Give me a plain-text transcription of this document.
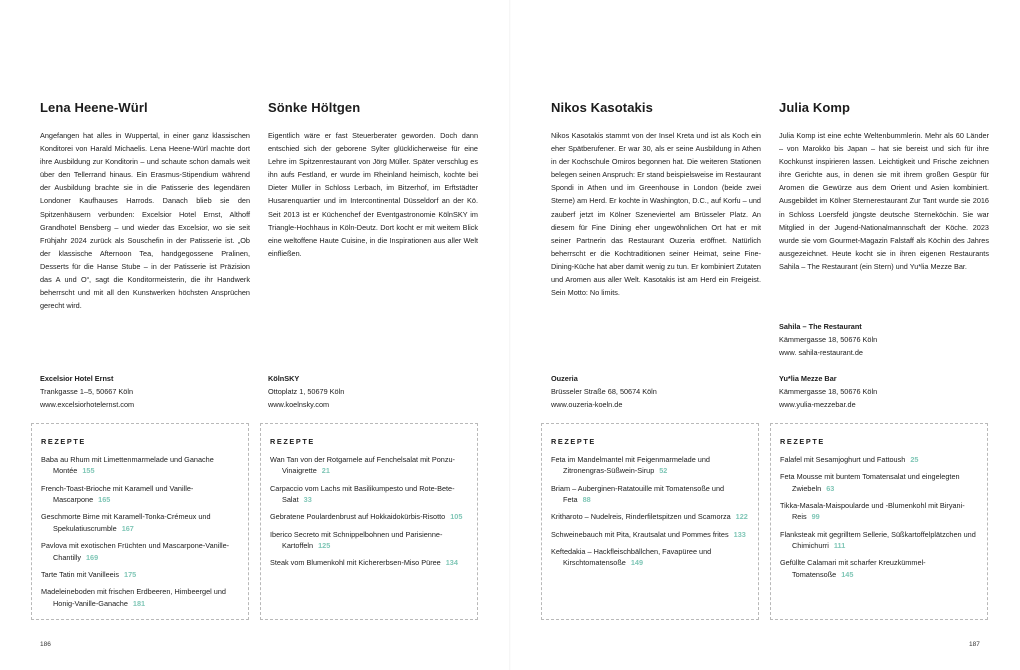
Lena Heene-Würl

Angefangen hat alles in Wuppertal, in einer ganz klassischen Konditorei von Harald Michaelis. Lena Heene-Würl machte dort ihre Ausbildung zur Konditorin – und schaute schon damals weit über den Tellerrand hinaus. Ein Erasmus-Stipendium während der Ausbildung brachte sie in die Patisserie des legendären Londoner Kaufhauses Harrods. Danach blieb sie den Spitzenhäusern verbunden: Excelsior Hotel Ernst, Althoff Grandhotel Bensberg – und wieder das Excelsior, wo sie seit Frühjahr 2024 zurück als Souschefin in der Patisserie ist. „Ob der klassische Afternoon Tea, handgegossene Pralinen, Desserts für die Hanse Stube – in der Patisserie ist Präzision das A und O“, sagt die Konditormeisterin, die ihr Handwerk beherrscht und mit all den Kunstwerken höchsten Ansprüchen gerecht wird.

Excelsior Hotel Ernst
Trankgasse 1–5, 50667 Köln
www.excelsiorhotelernst.com
REZEPTE
Baba au Rhum mit Limettenmarmelade und Ganache Montée 155
French-Toast-Brioche mit Karamell und Vanille-Mascarpone 165
Geschmorte Birne mit Karamell-Tonka-Crémeux und Spekulatiuscrumble 167
Pavlova mit exotischen Früchten und Mascarpone-Vanille-Chantilly 169
Tarte Tatin mit Vanilleeis 175
Madeleineboden mit frischen Erdbeeren, Himbeergel und Honig-Vanille-Ganache 181
Sönke Höltgen

Eigentlich wäre er fast Steuerberater geworden. Doch dann entschied sich der geborene Sylter glücklicherweise für eine Lehre im Spitzenrestaurant von Jörg Müller. Später verschlug es ihn aufs Festland, er wurde im Rheinland heimisch, kochte bei Dieter Müller in Schloss Lerbach, im Bitzerhof, im Erftstädter Husarenquartier und im Intercontinental Düsseldorf an der Kö. Seit 2013 ist er Küchenchef der Eventgastronomie KölnSKY im Triangle-Hochhaus in Köln-Deutz. Dort kocht er mit weitem Blick eine weltoffene Haute Cuisine, in die Inspirationen aus aller Welt einfließen.

KölnSKY
Ottoplatz 1, 50679 Köln
www.koelnsky.com
REZEPTE
Wan Tan von der Rotgarnele auf Fenchelsalat mit Ponzu-Vinaigrette 21
Carpaccio vom Lachs mit Basilikumpesto und Rote-Bete-Salat 33
Gebratene Poulardenbrust auf Hokkaidokürbis-Risotto 105
Iberico Secreto mit Schnippelbohnen und Parisienne-Kartoffeln 125
Steak vom Blumenkohl mit Kichererbsen-Miso Püree 134
Nikos Kasotakis

Nikos Kasotakis stammt von der Insel Kreta und ist als Koch ein eher Spätberufener. Er war 30, als er seine Ausbildung in Athen in der Kochschule Omiros begonnen hat. Die weiteren Stationen belegen seinen Anspruch: Er stand beispielsweise im Restaurant Spondi in Athen und im Greenhouse in London (beide zwei Sterne) am Herd. Er kochte in Washington, D.C., auf Korfu – und zauberf jetzt im Kölner Szeneviertel am Brüsseler Platz. An diesem für Fine Dining eher ungewöhnlichen Ort hat er mit seiner Partnerin das Restaurant Ouzeria eröffnet. Natürlich beherrscht er die Kochtraditionen seiner Heimat, seine Fine-Dining-Küche hat aber damit wenig zu tun. Er kombiniert Zutaten und Aromen aus aller Welt. Kasotakis ist am Herd ein Freigeist. Sein Motto: No limits.

Ouzeria
Brüsseler Straße 68, 50674 Köln
www.ouzeria-koeln.de
REZEPTE
Feta im Mandelmantel mit Feigenmarmelade und Zitronengras-Süßwein-Sirup 52
Briam – Auberginen-Ratatouille mit Tomatensoße und Feta 88
Kritharoto – Nudelreis, Rinderfiletspitzen und Scamorza 122
Schweinebauch mit Pita, Krautsalat und Pommes frites 133
Keftedakia – Hackfleischbällchen, Favapüree und Kirschtomatensoße 149
Julia Komp

Julia Komp ist eine echte Weltenbummlerin. Mehr als 60 Länder – von Marokko bis Japan – hat sie bereist und sich für ihre Kochkunst inspirieren lassen. Leichtigkeit und Frische zeichnen ihre Gerichte aus, in denen sie mit ihrem großen Gespür für Aromen die Gewürze aus dem Orient und Asien kombiniert. Ausgebildet im Kölner Sternerestaurant Zur Tant wurde sie 2016 in Schloss Loersfeld jüngste deutsche Sterneköchin. Sie war Mitglied in der Jugend-Nationalmannschaft der Köche. 2023 wurde sie vom Gourmet-Magazin Falstaff als Köchin des Jahres ausgezeichnet. Heute kocht sie in ihren eigenen Restaurants Sahila – The Restaurant (ein Stern) und Yu*lia Mezze Bar.

Sahila – The Restaurant
Kämmergasse 18, 50676 Köln
www. sahila-restaurant.de
Yu*lia Mezze Bar
Kämmergasse 18, 50676 Köln
www.yulia-mezzebar.de
REZEPTE
Falafel mit Sesamjoghurt und Fattoush 25
Feta Mousse mit buntem Tomatensalat und eingelegten Zwiebeln 63
Tikka-Masala-Maispoularde und -Blumenkohl mit Biryani-Reis 99
Flanksteak mit gegrilltem Sellerie, Süßkartoffelplätzchen und Chimichurri 111
Gefüllte Calamari mit scharfer Kreuzkümmel-Tomatensoße 145
186	187
